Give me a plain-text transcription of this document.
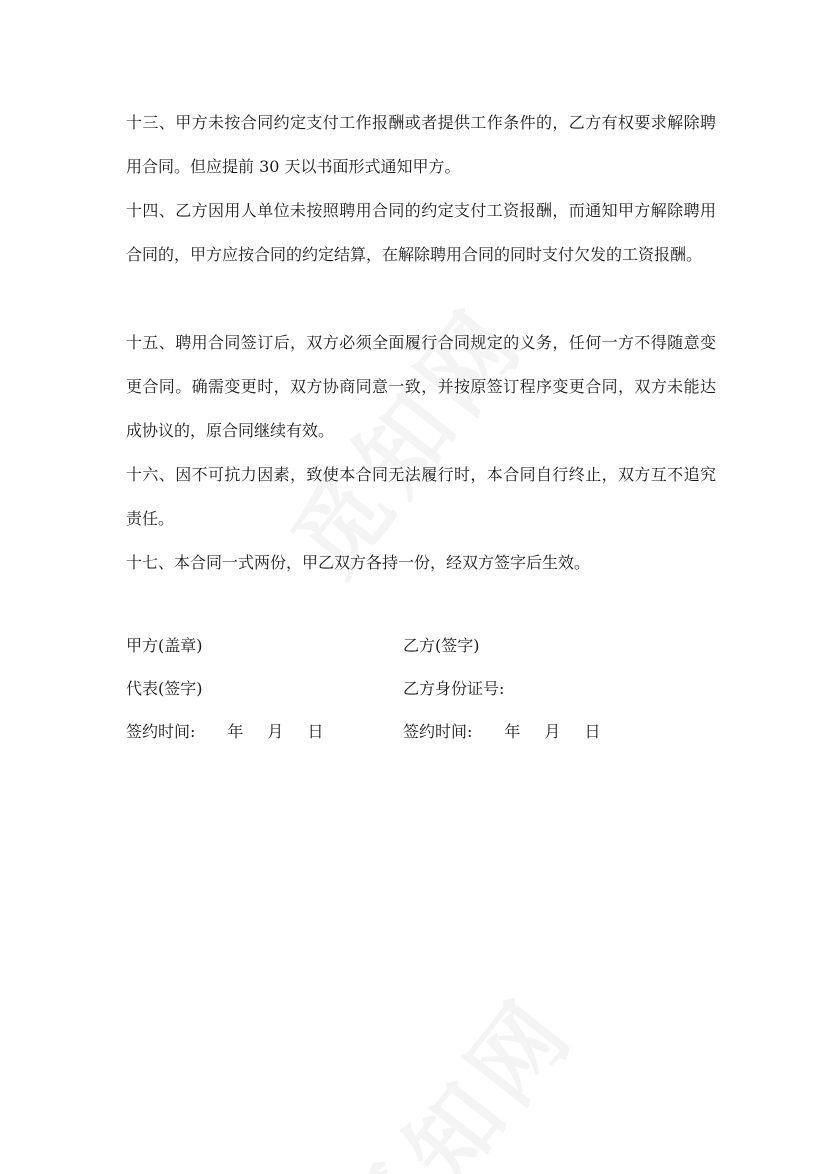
十三、甲方未按合同约定支付工作报酬或者提供工作条件的，乙方有权要求解除聘用合同。但应提前 30 天以书面形式通知甲方。

十四、乙方因用人单位未按照聘用合同的约定支付工资报酬，而通知甲方解除聘用合同的，甲方应按合同的约定结算，在解除聘用合同的同时支付欠发的工资报酬。

十五、聘用合同签订后，双方必须全面履行合同规定的义务，任何一方不得随意变更合同。确需变更时，双方协商同意一致，并按原签订程序变更合同，双方未能达成协议的，原合同继续有效。

十六、因不可抗力因素，致使本合同无法履行时，本合同自行终止，双方互不追究责任。

十七、本合同一式两份，甲乙双方各持一份，经双方签字后生效。

甲方(盖章)	乙方(签字)
代表(签字)	乙方身份证号:
签约时间: 年 月 日	签约时间: 年 月 日
